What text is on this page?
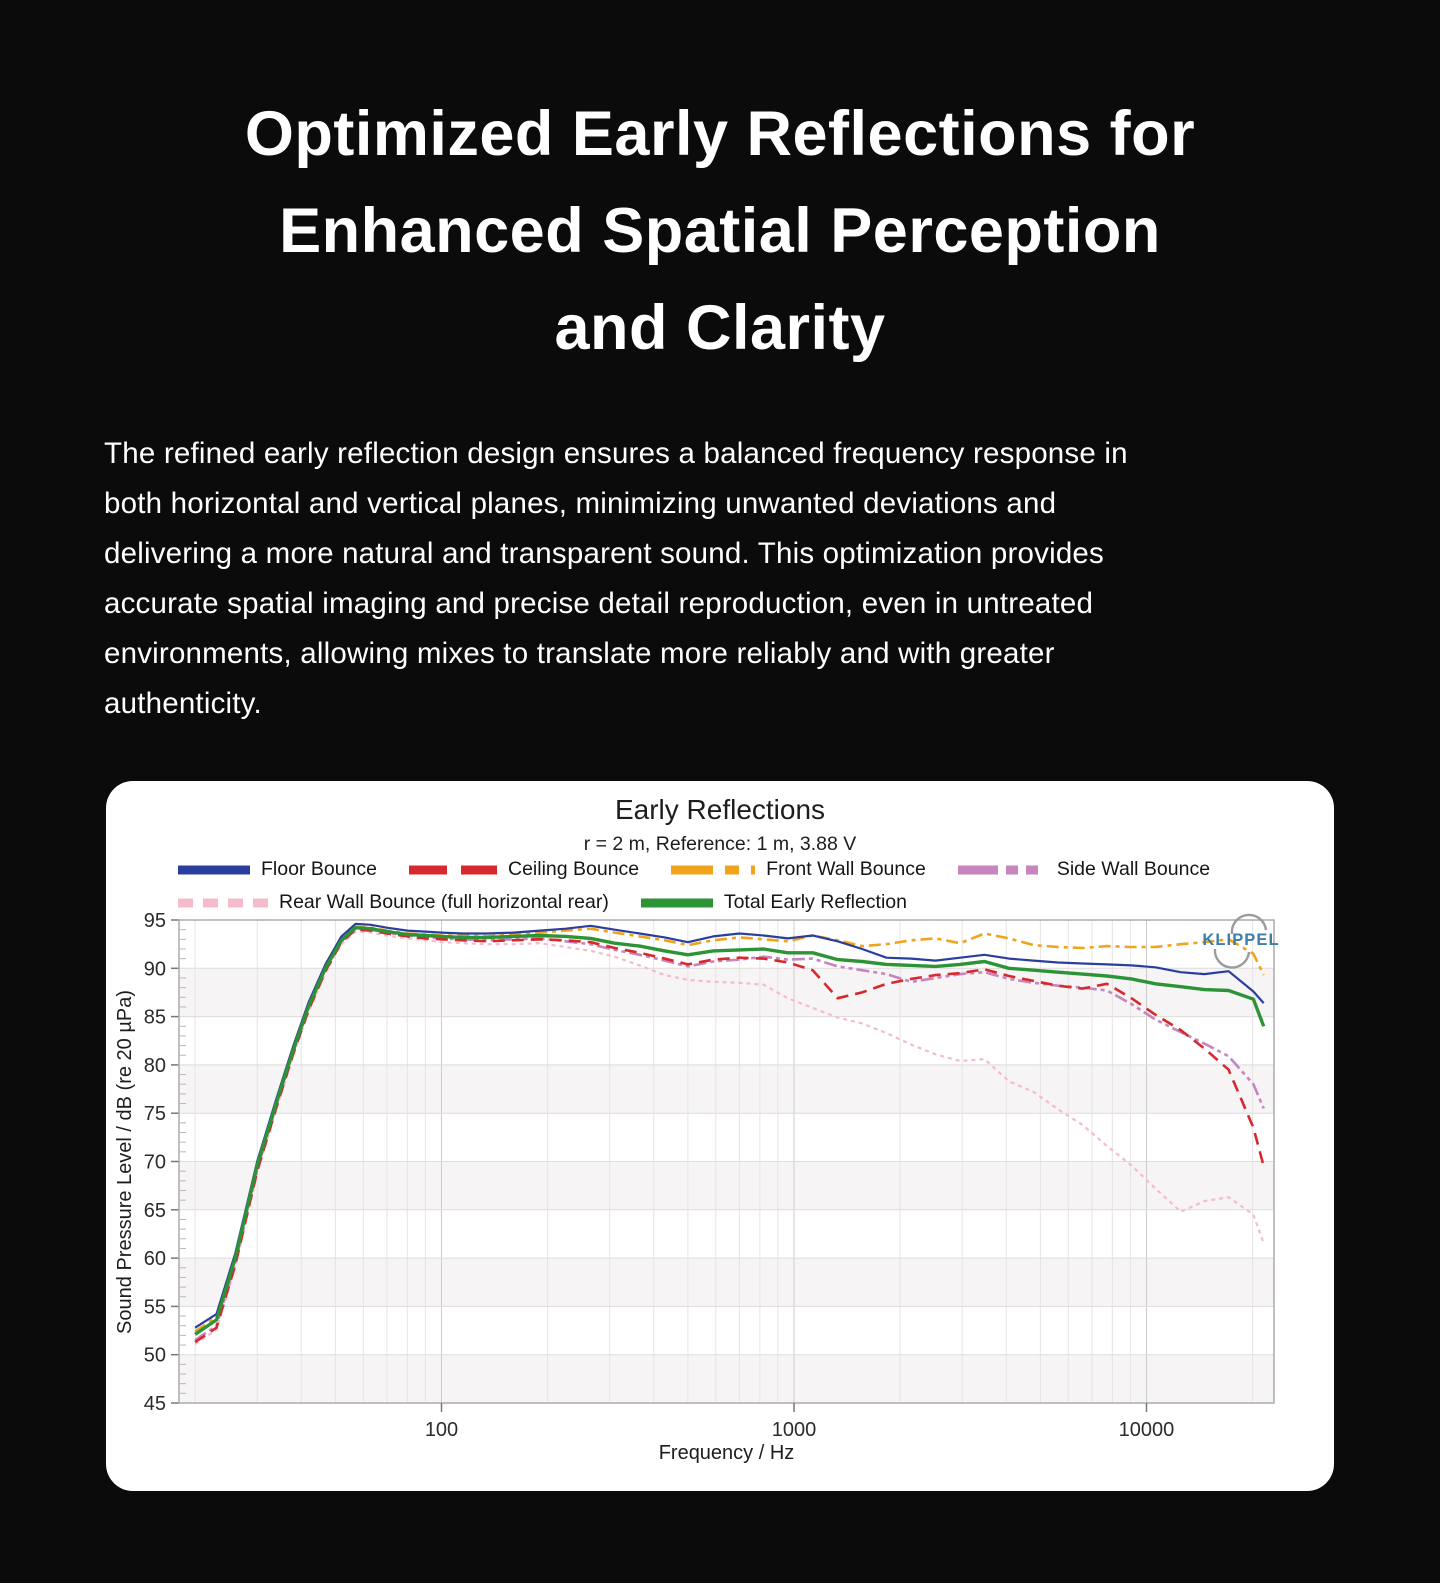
Optimized Early Reflections for
Enhanced Spatial Perception
and Clarity
The refined early reflection design ensures a balanced frequency response in
both horizontal and vertical planes, minimizing unwanted deviations and
delivering a more natural and transparent sound. This optimization provides
accurate spatial imaging and precise detail reproduction, even in untreated
environments, allowing mixes to translate more reliably and with greater
authenticity.
Early Reflections
r = 2 m, Reference: 1 m, 3.88 V
Floor Bounce	Ceiling Bounce	Front Wall Bounce	Side Wall Bounce
Rear Wall Bounce (full horizontal rear)	Total Early Reflection
100	1000	10000
45
50
55
60
65
70
75
80
85
90
95
KLIPPEL
Sound Pressure Level / dB (re 20 µPa)
Frequency / Hz
